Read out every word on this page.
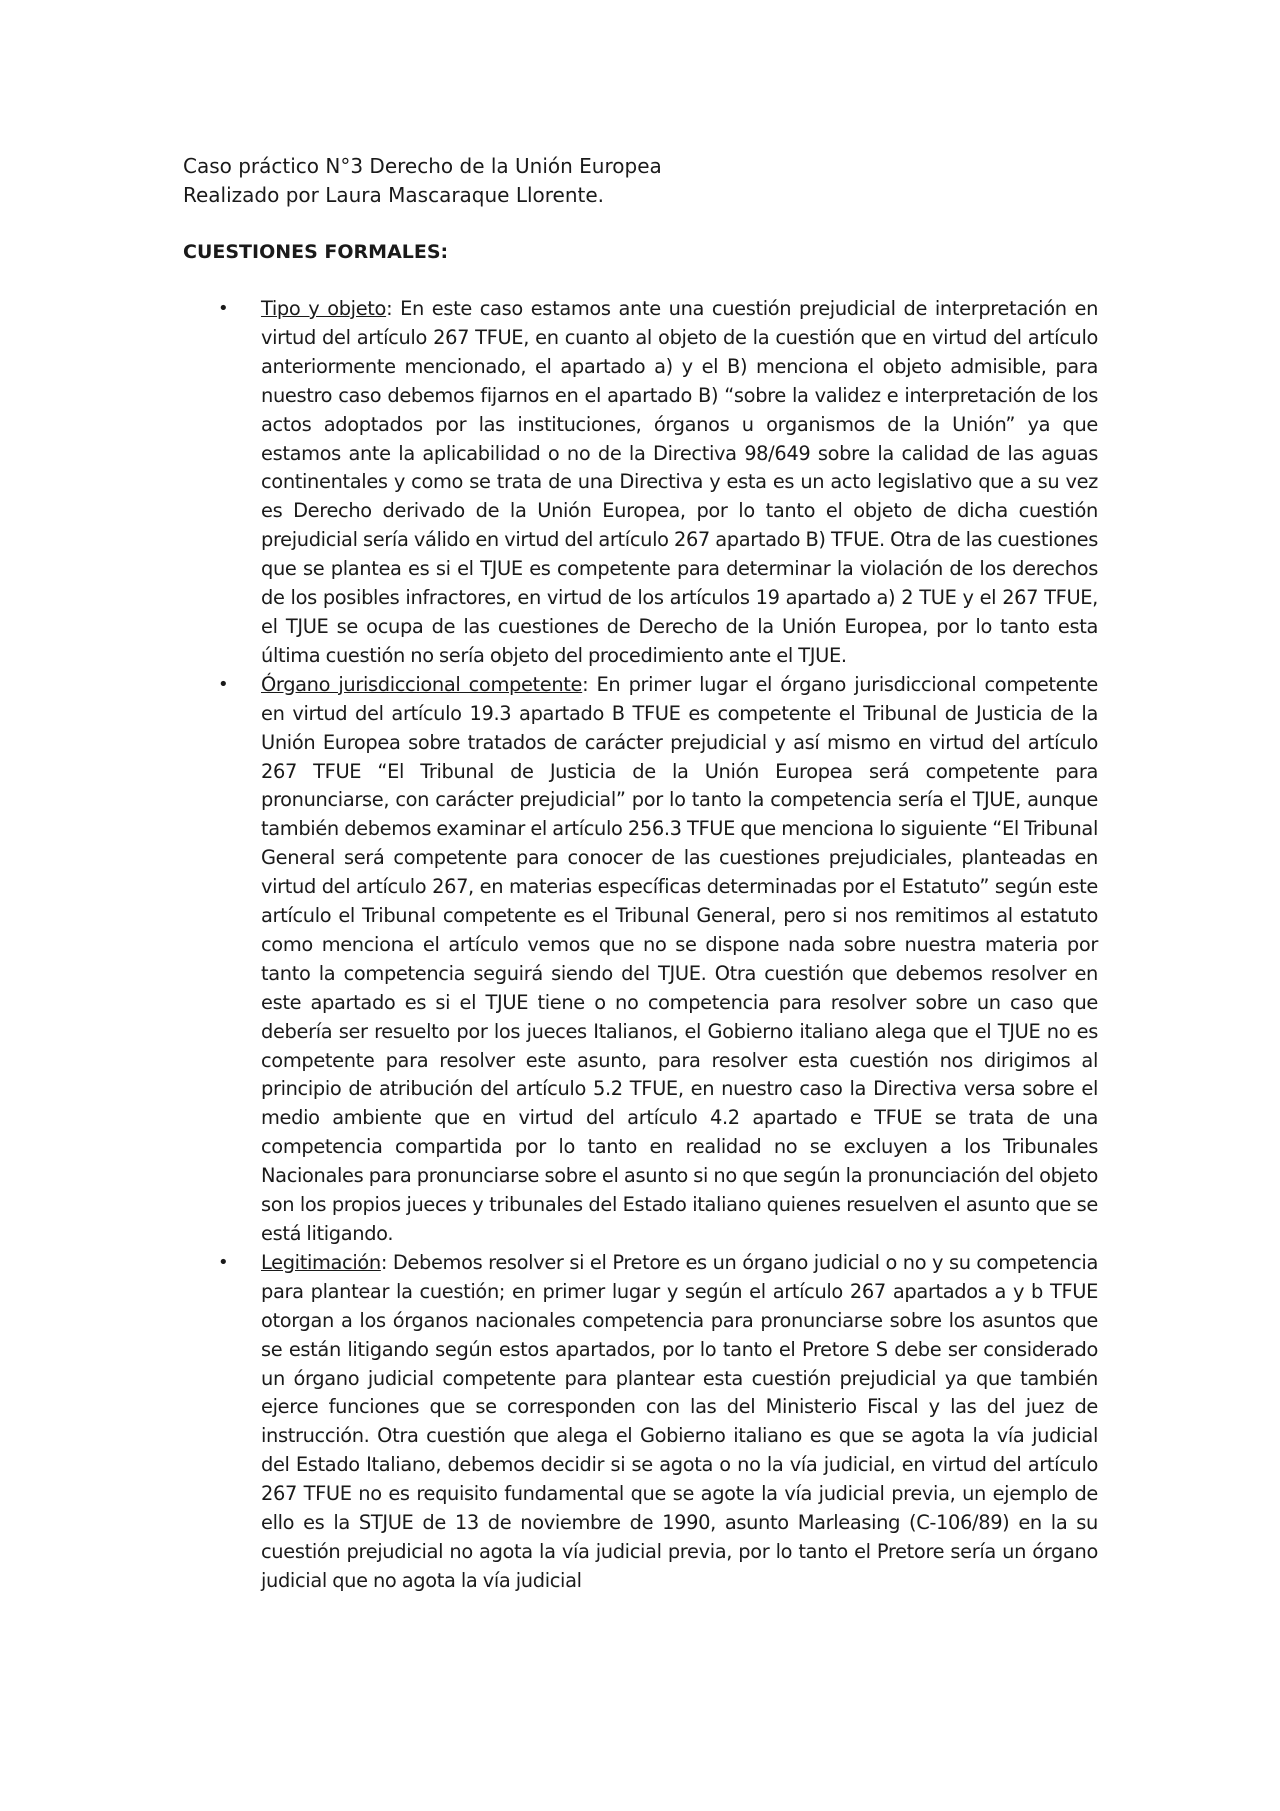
Caso práctico N°3 Derecho de la Unión Europea

Realizado por Laura Mascaraque Llorente.

CUESTIONES FORMALES:

• Tipo y objeto: En este caso estamos ante una cuestión prejudicial de interpretación en virtud del artículo 267 TFUE, en cuanto al objeto de la cuestión que en virtud del artículo anteriormente mencionado, el apartado a) y el B) menciona el objeto admisible, para nuestro caso debemos fijarnos en el apartado B) “sobre la validez e interpretación de los actos adoptados por las instituciones, órganos u organismos de la Unión” ya que estamos ante la aplicabilidad o no de la Directiva 98/649 sobre la calidad de las aguas continentales y como se trata de una Directiva y esta es un acto legislativo que a su vez es Derecho derivado de la Unión Europea, por lo tanto el objeto de dicha cuestión prejudicial sería válido en virtud del artículo 267 apartado B) TFUE. Otra de las cuestiones que se plantea es si el TJUE es competente para determinar la violación de los derechos de los posibles infractores, en virtud de los artículos 19 apartado a) 2 TUE y el 267 TFUE, el TJUE se ocupa de las cuestiones de Derecho de la Unión Europea, por lo tanto esta última cuestión no sería objeto del procedimiento ante el TJUE.
• Órgano jurisdiccional competente: En primer lugar el órgano jurisdiccional competente en virtud del artículo 19.3 apartado B TFUE es competente el Tribunal de Justicia de la Unión Europea sobre tratados de carácter prejudicial y así mismo en virtud del artículo 267 TFUE “El Tribunal de Justicia de la Unión Europea será competente para pronunciarse, con carácter prejudicial” por lo tanto la competencia sería el TJUE, aunque también debemos examinar el artículo 256.3 TFUE que menciona lo siguiente “El Tribunal General será competente para conocer de las cuestiones prejudiciales, planteadas en virtud del artículo 267, en materias específicas determinadas por el Estatuto” según este artículo el Tribunal competente es el Tribunal General, pero si nos remitimos al estatuto como menciona el artículo vemos que no se dispone nada sobre nuestra materia por tanto la competencia seguirá siendo del TJUE. Otra cuestión que debemos resolver en este apartado es si el TJUE tiene o no competencia para resolver sobre un caso que debería ser resuelto por los jueces Italianos, el Gobierno italiano alega que el TJUE no es competente para resolver este asunto, para resolver esta cuestión nos dirigimos al principio de atribución del artículo 5.2 TFUE, en nuestro caso la Directiva versa sobre el medio ambiente que en virtud del artículo 4.2 apartado e TFUE se trata de una competencia compartida por lo tanto en realidad no se excluyen a los Tribunales Nacionales para pronunciarse sobre el asunto si no que según la pronunciación del objeto son los propios jueces y tribunales del Estado italiano quienes resuelven el asunto que se está litigando.
• Legitimación: Debemos resolver si el Pretore es un órgano judicial o no y su competencia para plantear la cuestión; en primer lugar y según el artículo 267 apartados a y b TFUE otorgan a los órganos nacionales competencia para pronunciarse sobre los asuntos que se están litigando según estos apartados, por lo tanto el Pretore S debe ser considerado un órgano judicial competente para plantear esta cuestión prejudicial ya que también ejerce funciones que se corresponden con las del Ministerio Fiscal y las del juez de instrucción. Otra cuestión que alega el Gobierno italiano es que se agota la vía judicial del Estado Italiano, debemos decidir si se agota o no la vía judicial, en virtud del artículo 267 TFUE no es requisito fundamental que se agote la vía judicial previa, un ejemplo de ello es la STJUE de 13 de noviembre de 1990, asunto Marleasing (C-106/89) en la su cuestión prejudicial no agota la vía judicial previa, por lo tanto el Pretore sería un órgano judicial que no agota la vía judicial
